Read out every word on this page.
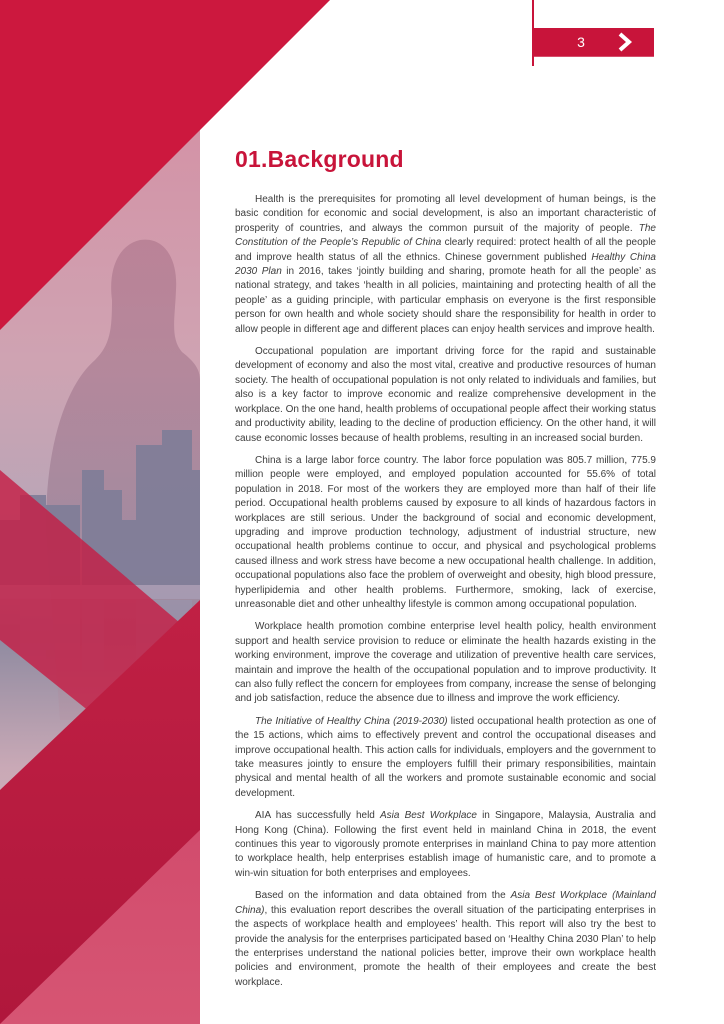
3
01.Background

Health is the prerequisites for promoting all level development of human beings, is the basic condition for economic and social development, is also an important characteristic of prosperity of countries, and always the common pursuit of the majority of people. The Constitution of the People’s Republic of China clearly required: protect health of all the people and improve health status of all the ethnics. Chinese government published Healthy China 2030 Plan in 2016, takes ‘jointly building and sharing, promote heath for all the people’ as national strategy, and takes ‘health in all policies, maintaining and protecting health of all the people’ as a guiding principle, with particular emphasis on everyone is the first responsible person for own health and whole society should share the responsibility for health in order to allow people in different age and different places can enjoy health services and improve health.

Occupational population are important driving force for the rapid and sustainable development of economy and also the most vital, creative and productive resources of human society. The health of occupational population is not only related to individuals and families, but also is a key factor to improve economic and realize comprehensive development in the workplace. On the one hand, health problems of occupational people affect their working status and productivity ability, leading to the decline of production efficiency. On the other hand, it will cause economic losses because of health problems, resulting in an increased social burden.

China is a large labor force country. The labor force population was 805.7 million, 775.9 million people were employed, and employed population accounted for 55.6% of total population in 2018. For most of the workers they are employed more than half of their life period. Occupational health problems caused by exposure to all kinds of hazardous factors in workplaces are still serious. Under the background of social and economic development, upgrading and improve production technology, adjustment of industrial structure, new occupational health problems continue to occur, and physical and psychological problems caused illness and work stress have become a new occupational health challenge. In addition, occupational populations also face the problem of overweight and obesity, high blood pressure, hyperlipidemia and other health problems. Furthermore, smoking, lack of exercise, unreasonable diet and other unhealthy lifestyle is common among occupational population.

Workplace health promotion combine enterprise level health policy, health environment support and health service provision to reduce or eliminate the health hazards existing in the working environment, improve the coverage and utilization of preventive health care services, maintain and improve the health of the occupational population and to improve productivity. It can also fully reflect the concern for employees from company, increase the sense of belonging and job satisfaction, reduce the absence due to illness and improve the work efficiency.

The Initiative of Healthy China (2019-2030) listed occupational health protection as one of the 15 actions, which aims to effectively prevent and control the occupational diseases and improve occupational health. This action calls for individuals, employers and the government to take measures jointly to ensure the employers fulfill their primary responsibilities, maintain physical and mental health of all the workers and promote sustainable economic and social development.

AIA has successfully held Asia Best Workplace in Singapore, Malaysia, Australia and Hong Kong (China). Following the first event held in mainland China in 2018, the event continues this year to vigorously promote enterprises in mainland China to pay more attention to workplace health, help enterprises establish image of humanistic care, and to promote a win-win situation for both enterprises and employees.

Based on the information and data obtained from the Asia Best Workplace (Mainland China), this evaluation report describes the overall situation of the participating enterprises in the aspects of workplace health and employees’ health. This report will also try the best to provide the analysis for the enterprises participated based on ‘Healthy China 2030 Plan’ to help the enterprises understand the national policies better, improve their own workplace health policies and environment, promote the health of their employees and create the best workplace.
